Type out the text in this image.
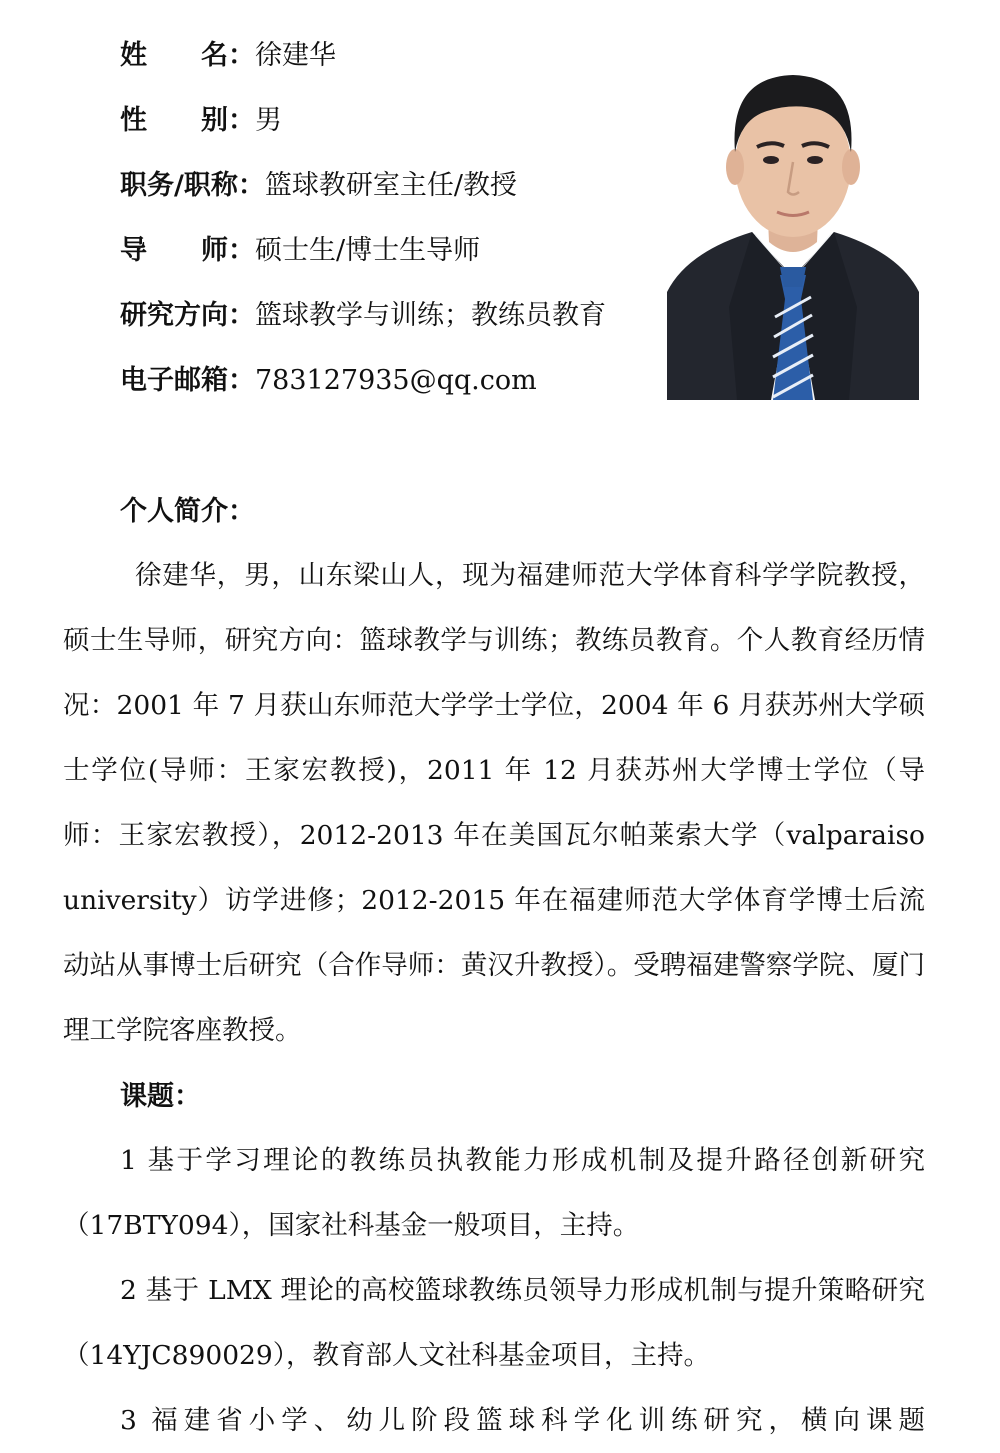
姓　　名：徐建华
性　　别：男
职务/职称：篮球教研室主任/教授
导　　师：硕士生/博士生导师
研究方向：篮球教学与训练；教练员教育
电子邮箱：783127935@qq.com
个人简介：

徐建华，男，山东梁山人，现为福建师范大学体育科学学院教授，硕士生导师，研究方向：篮球教学与训练；教练员教育。个人教育经历情况：2001 年 7 月获山东师范大学学士学位，2004 年 6 月获苏州大学硕士学位(导师：王家宏教授)，2011 年 12 月获苏州大学博士学位（导师：王家宏教授），2012-2013 年在美国瓦尔帕莱索大学（valparaiso university）访学进修；2012-2015 年在福建师范大学体育学博士后流动站从事博士后研究（合作导师：黄汉升教授）。受聘福建警察学院、厦门理工学院客座教授。

课题：

1 基于学习理论的教练员执教能力形成机制及提升路径创新研究（17BTY094），国家社科基金一般项目，主持。

2 基于 LMX 理论的高校篮球教练员领导力形成机制与提升策略研究（14YJC890029），教育部人文社科基金项目，主持。

3 福建省小学、幼儿阶段篮球科学化训练研究，横向课题
